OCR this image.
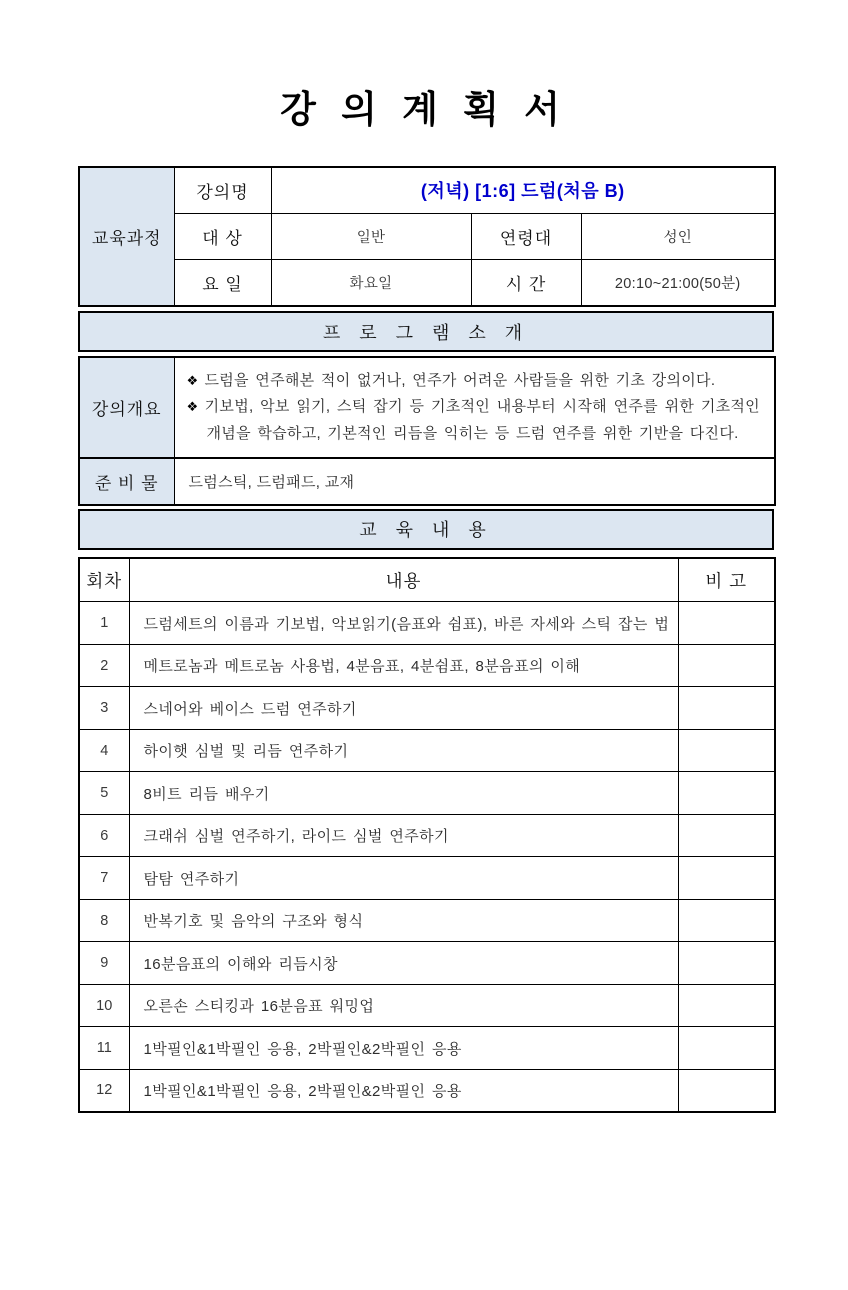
강 의 계 획 서
교육과정	강의명	(저녁) [1:6] 드럼(처음 B)		
	대 상	일반	연령대	성인
	요 일	화요일	시 간	20:10~21:00(50분)
프 로 그 램 소 개
강의개요	❖ 드럼을 연주해본 적이 없거나, 연주가 어려운 사람들을 위한 기초 강의이다.
❖ 기보법, 악보 읽기, 스틱 잡기 등 기초적인 내용부터 시작해 연주를 위한 기초적인 개념을 학습하고, 기본적인 리듬을 익히는 등 드럼 연주를 위한 기반을 다진다.

준 비 물	드럼스틱, 드럼패드, 교재
교 육 내 용
회차	내용	비 고
1	드럼세트의 이름과 기보법, 악보읽기(음표와 쉼표), 바른 자세와 스틱 잡는 법	
2	메트로놈과 메트로놈 사용법, 4분음표, 4분쉼표, 8분음표의 이해	
3	스네어와 베이스 드럼 연주하기	
4	하이햇 심벌 및 리듬 연주하기	
5	8비트 리듬 배우기	
6	크래쉬 심벌 연주하기, 라이드 심벌 연주하기	
7	탐탐 연주하기	
8	반복기호 및 음악의 구조와 형식	
9	16분음표의 이해와 리듬시창	
10	오른손 스티킹과 16분음표 워밍업	
11	1박필인&1박필인 응용, 2박필인&2박필인 응용	
12	1박필인&1박필인 응용, 2박필인&2박필인 응용	
